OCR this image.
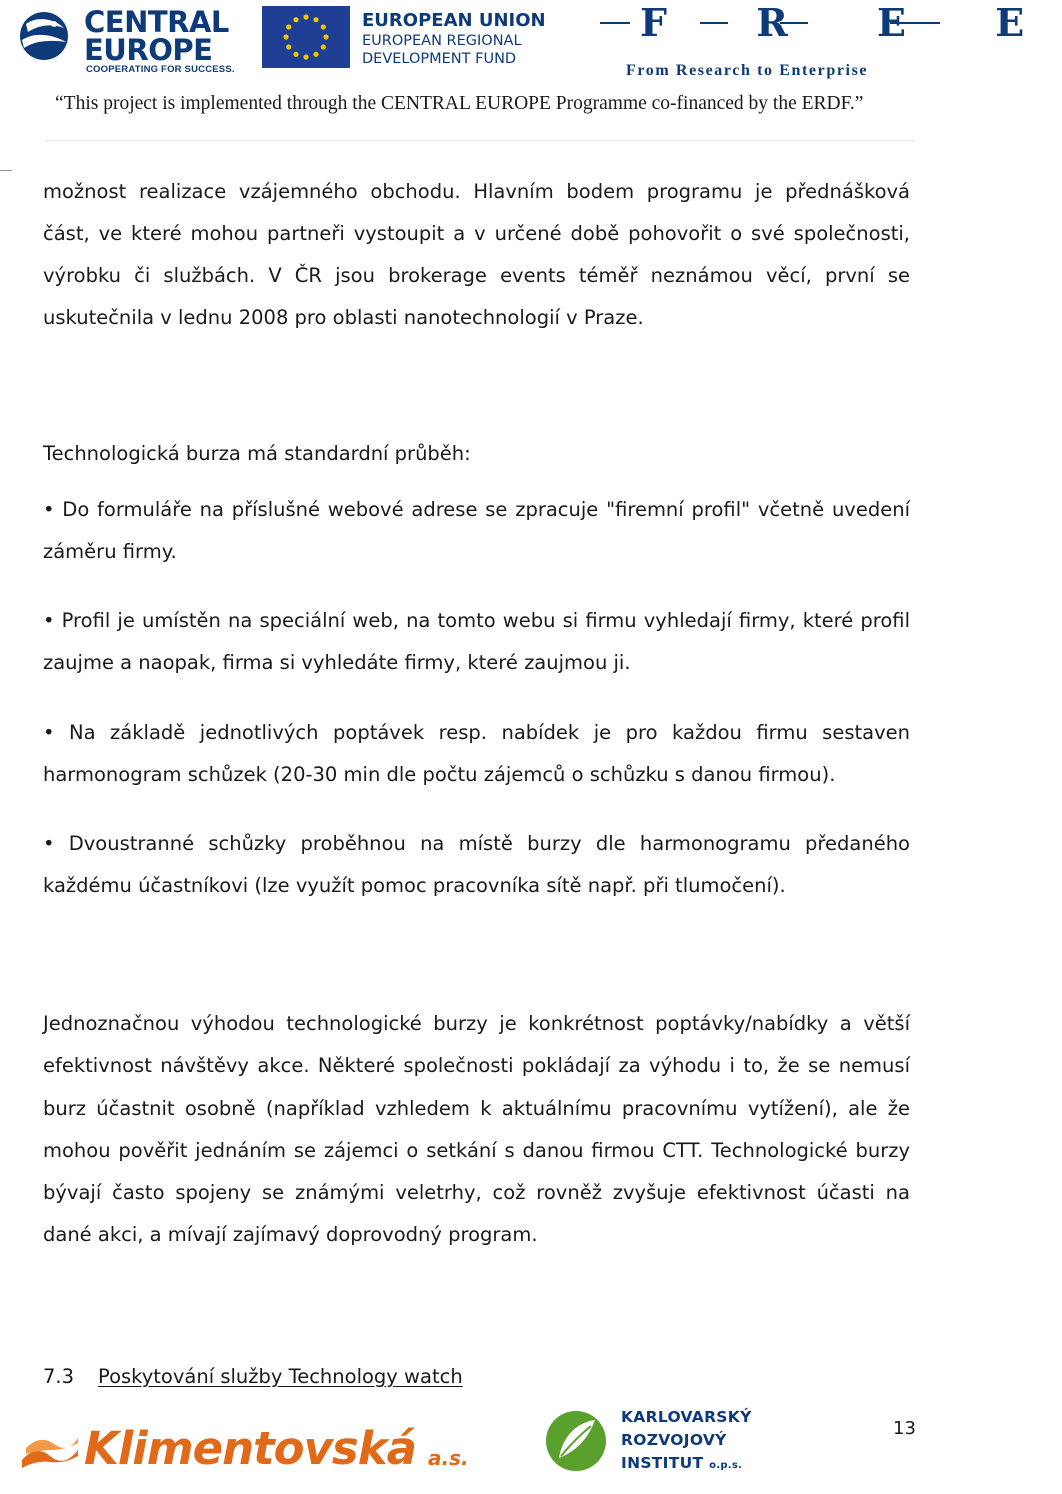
CENTRAL
EUROPE
COOPERATING FOR SUCCESS.
EUROPEAN UNION
EUROPEAN REGIONAL
DEVELOPMENT FUND
F R E E
From Research to Enterprise
“This project is implemented through the CENTRAL EUROPE Programme co-financed by the ERDF.”
možnost realizace vzájemného obchodu. Hlavním bodem programu je přednášková část, ve které mohou partneři vystoupit a v určené době pohovořit o své společnosti, výrobku či službách. V ČR jsou brokerage events téměř neznámou věcí, první se uskutečnila v lednu 2008 pro oblasti nanotechnologií v Praze.
Technologická burza má standardní průběh:
• Do formuláře na příslušné webové adrese se zpracuje "firemní profil" včetně uvedení záměru firmy.
• Profil je umístěn na speciální web, na tomto webu si firmu vyhledají firmy, které profil zaujme a naopak, firma si vyhledáte firmy, které zaujmou ji.
• Na základě jednotlivých poptávek resp. nabídek je pro každou firmu sestaven harmonogram schůzek (20-30 min dle počtu zájemců o schůzku s danou firmou).
• Dvoustranné schůzky proběhnou na místě burzy dle harmonogramu předaného každému účastníkovi (lze využít pomoc pracovníka sítě např. při tlumočení).
Jednoznačnou výhodou technologické burzy je konkrétnost poptávky/nabídky a větší efektivnost návštěvy akce. Některé společnosti pokládají za výhodu i to, že se nemusí burz účastnit osobně (například vzhledem k aktuálnímu pracovnímu vytížení), ale že mohou pověřit jednáním se zájemci o setkání s danou firmou CTT. Technologické burzy bývají často spojeny se známými veletrhy, což rovněž zvyšuje efektivnost účasti na dané akci, a mívají zajímavý doprovodný program.
7.3 Poskytování služby Technology watch
Klimentovská a.s.
KARLOVARSKÝ
ROZVOJOVÝ
INSTITUT o.p.s.
13
